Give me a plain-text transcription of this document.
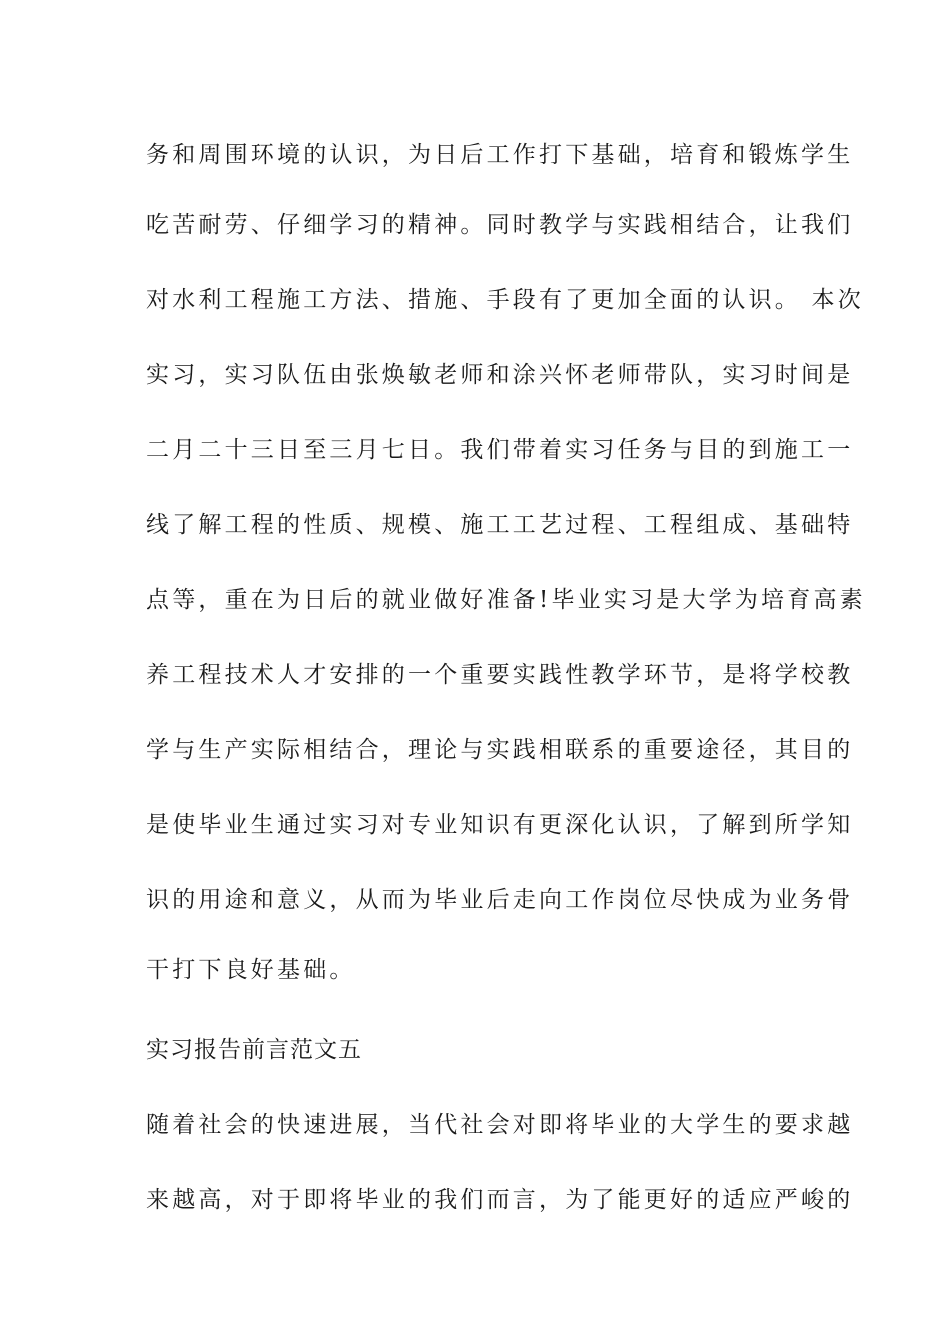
务和周围环境的认识，为日后工作打下基础，培育和锻炼学生
吃苦耐劳、仔细学习的精神。同时教学与实践相结合，让我们
对水利工程施工方法、措施、手段有了更加全面的认识。 本次
实习，实习队伍由张焕敏老师和涂兴怀老师带队，实习时间是
二月二十三日至三月七日。我们带着实习任务与目的到施工一
线了解工程的性质、规模、施工工艺过程、工程组成、基础特
点等，重在为日后的就业做好准备!毕业实习是大学为培育高素
养工程技术人才安排的一个重要实践性教学环节，是将学校教
学与生产实际相结合，理论与实践相联系的重要途径，其目的
是使毕业生通过实习对专业知识有更深化认识，了解到所学知
识的用途和意义，从而为毕业后走向工作岗位尽快成为业务骨
干打下良好基础。
实习报告前言范文五
随着社会的快速进展，当代社会对即将毕业的大学生的要求越
来越高，对于即将毕业的我们而言，为了能更好的适应严峻的
